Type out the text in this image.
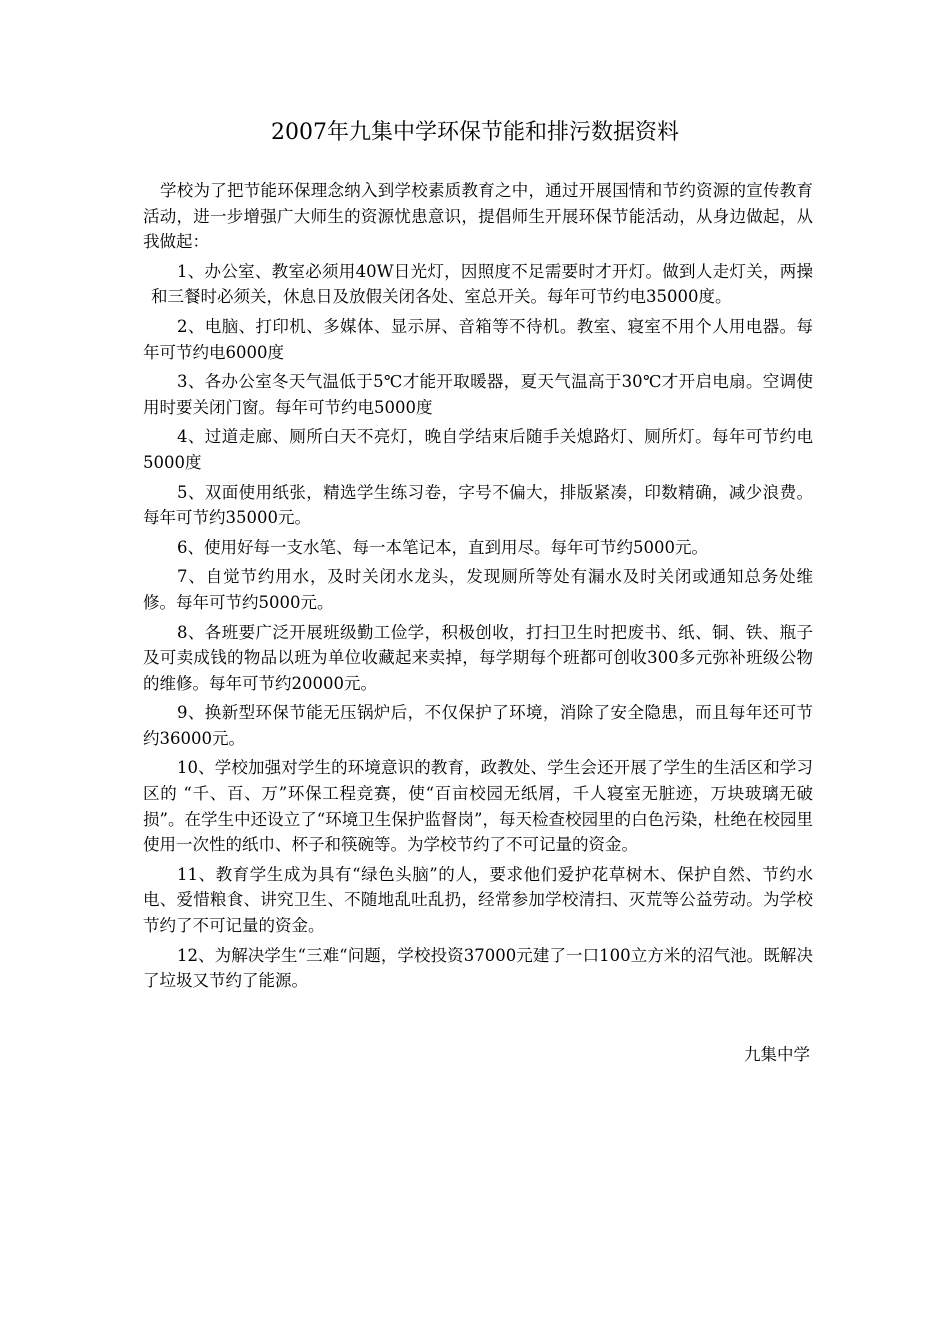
2007年九集中学环保节能和排污数据资料

学校为了把节能环保理念纳入到学校素质教育之中，通过开展国情和节约资源的宣传教育活动，进一步增强广大师生的资源忧患意识，提倡师生开展环保节能活动，从身边做起，从我做起：

1、办公室、教室必须用40W日光灯，因照度不足需要时才开灯。做到人走灯关，两操和三餐时必须关，休息日及放假关闭各处、室总开关。每年可节约电35000度。

2、电脑、打印机、多媒体、显示屏、音箱等不待机。教室、寝室不用个人用电器。每年可节约电6000度

3、各办公室冬天气温低于5℃才能开取暖器，夏天气温高于30℃才开启电扇。空调使用时要关闭门窗。每年可节约电5000度

4、过道走廊、厕所白天不亮灯，晚自学结束后随手关熄路灯、厕所灯。每年可节约电5000度

5、双面使用纸张，精选学生练习卷，字号不偏大，排版紧凑，印数精确，减少浪费。每年可节约35000元。

6、使用好每一支水笔、每一本笔记本，直到用尽。每年可节约5000元。

7、自觉节约用水，及时关闭水龙头，发现厕所等处有漏水及时关闭或通知总务处维修。每年可节约5000元。

8、各班要广泛开展班级勤工俭学，积极创收，打扫卫生时把废书、纸、铜、铁、瓶子及可卖成钱的物品以班为单位收藏起来卖掉，每学期每个班都可创收300多元弥补班级公物的维修。每年可节约20000元。

9、换新型环保节能无压锅炉后，不仅保护了环境，消除了安全隐患，而且每年还可节约36000元。

10、学校加强对学生的环境意识的教育，政教处、学生会还开展了学生的生活区和学习区的 “千、百、万”环保工程竞赛，使“百亩校园无纸屑，千人寝室无脏迹，万块玻璃无破损”。在学生中还设立了“环境卫生保护监督岗”，每天检查校园里的白色污染，杜绝在校园里使用一次性的纸巾、杯子和筷碗等。为学校节约了不可记量的资金。

11、教育学生成为具有“绿色头脑”的人，要求他们爱护花草树木、保护自然、节约水电、爱惜粮食、讲究卫生、不随地乱吐乱扔，经常参加学校清扫、灭荒等公益劳动。为学校节约了不可记量的资金。

12、为解决学生“三难“问题，学校投资37000元建了一口100立方米的沼气池。既解决了垃圾又节约了能源。

九集中学
